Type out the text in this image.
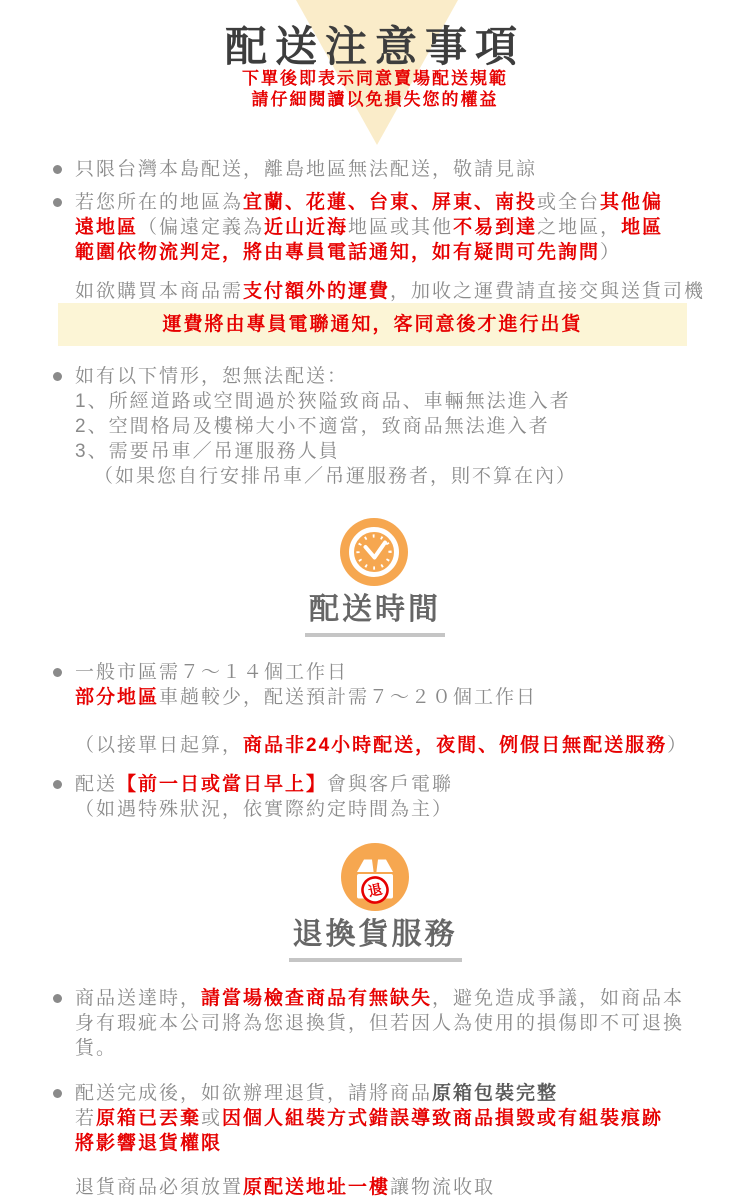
配送注意事項
下單後即表示同意賣場配送規範
請仔細閱讀以免損失您的權益
只限台灣本島配送，離島地區無法配送，敬請見諒
若您所在的地區為宜蘭、花蓮、台東、屏東、南投或全台其他偏
遠地區（偏遠定義為近山近海地區或其他不易到達之地區，地區
範圍依物流判定，將由專員電話通知，如有疑問可先詢問）
如欲購買本商品需支付額外的運費，加收之運費請直接交與送貨司機
運費將由專員電聯通知，客同意後才進行出貨
如有以下情形，恕無法配送：
1、所經道路或空間過於狹隘致商品、車輛無法進入者
2、空間格局及樓梯大小不適當，致商品無法進入者
3、需要吊車／吊運服務人員
（如果您自行安排吊車／吊運服務者，則不算在內）
配送時間
一般市區需７～１４個工作日
部分地區車趟較少，配送預計需７～２０個工作日
（以接單日起算，商品非24小時配送，夜間、例假日無配送服務）
配送【前一日或當日早上】會與客戶電聯
（如遇特殊狀況，依實際約定時間為主）
退
退換貨服務
商品送達時，請當場檢查商品有無缺失，避免造成爭議，如商品本
身有瑕疵本公司將為您退換貨，但若因人為使用的損傷即不可退換
貨。
配送完成後，如欲辦理退貨，請將商品原箱包裝完整
若原箱已丟棄或因個人組裝方式錯誤導致商品損毀或有組裝痕跡
將影響退貨權限
退貨商品必須放置原配送地址一樓讓物流收取
